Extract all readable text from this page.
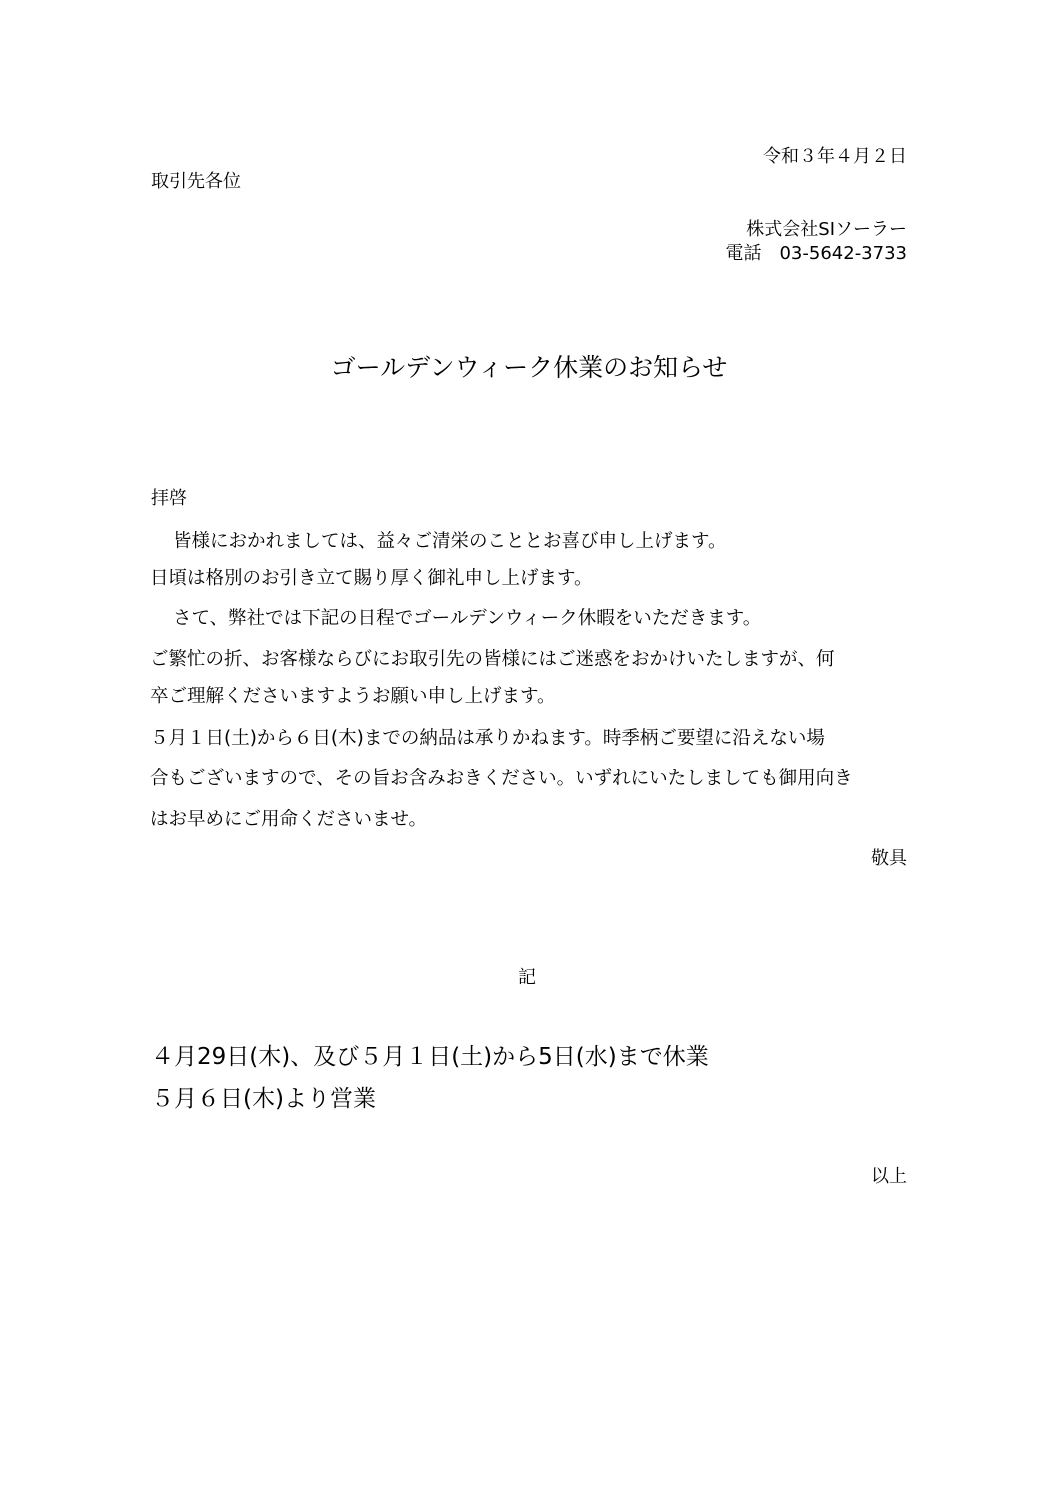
令和３年４月２日
取引先各位
株式会社SIソーラー
電話　03-5642-3733
ゴールデンウィーク休業のお知らせ
拝啓
皆様におかれましては、益々ご清栄のこととお喜び申し上げます。
日頃は格別のお引き立て賜り厚く御礼申し上げます。
さて、弊社では下記の日程でゴールデンウィーク休暇をいただきます。
ご繁忙の折、お客様ならびにお取引先の皆様にはご迷惑をおかけいたしますが、何
卒ご理解くださいますようお願い申し上げます。
５月１日(土)から６日(木)までの納品は承りかねます。時季柄ご要望に沿えない場
合もございますので、その旨お含みおきください。いずれにいたしましても御用向き
はお早めにご用命くださいませ。
敬具
記
４月29日(木)、及び５月１日(土)から5日(水)まで休業
５月６日(木)より営業
以上
